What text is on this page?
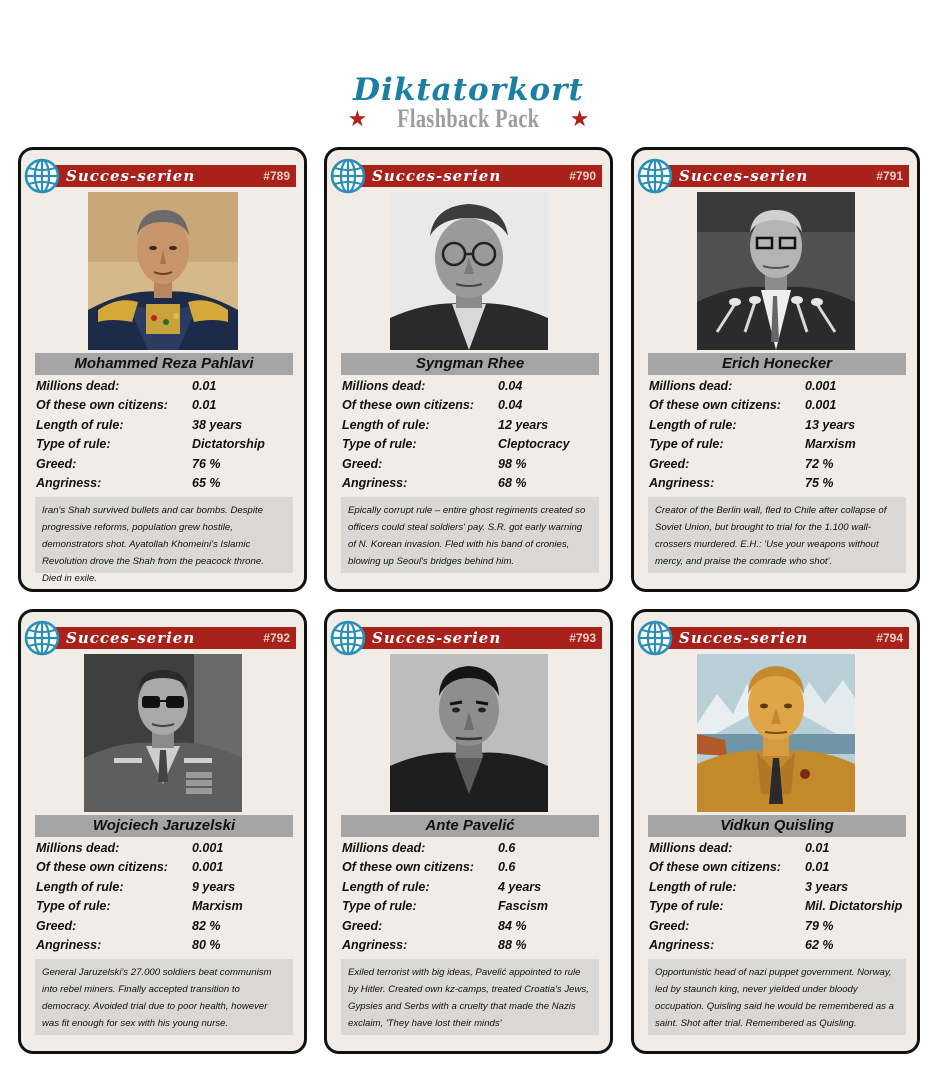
Diktatorkort
★ Flashback Pack ★
Succes-serien	#789
Mohammed Reza Pahlavi
Millions dead:	0.01
Of these own citizens: 0.01
Length of rule:	38 years
Type of rule:	Dictatorship
Greed:	76 %
Angriness:	65 %
Iran's Shah survived bullets and car bombs. Despite progressive reforms, population grew hostile, demonstrators shot. Ayatollah Khomeini's Islamic Revolution drove the Shah from the peacock throne. Died in exile.
Succes-serien	#790
Syngman Rhee
Millions dead:	0.04
Of these own citizens: 0.04
Length of rule:	12 years
Type of rule:	Cleptocracy
Greed:	98 %
Angriness:	68 %
Epically corrupt rule – entire ghost regiments created so officers could steal soldiers' pay. S.R. got early warning of N. Korean invasion. Fled with his band of cronies, blowing up Seoul's bridges behind him.
Succes-serien	#791
Erich Honecker
Millions dead:	0.001
Of these own citizens: 0.001
Length of rule:	13 years
Type of rule:	Marxism
Greed:	72 %
Angriness:	75 %
Creator of the Berlin wall, fled to Chile after collapse of Soviet Union, but brought to trial for the 1.100 wall-crossers murdered. E.H.: 'Use your weapons without mercy, and praise the comrade who shot'.
Succes-serien	#792
Wojciech Jaruzelski
Millions dead:	0.001
Of these own citizens: 0.001
Length of rule:	9 years
Type of rule:	Marxism
Greed:	82 %
Angriness:	80 %
General Jaruzelski's 27.000 soldiers beat communism into rebel miners. Finally accepted transition to democracy. Avoided trial due to poor health, however was fit enough for sex with his young nurse.
Succes-serien	#793
Ante Pavelić
Millions dead:	0.6
Of these own citizens: 0.6
Length of rule:	4 years
Type of rule:	Fascism
Greed:	84 %
Angriness:	88 %
Exiled terrorist with big ideas, Pavelić appointed to rule by Hitler. Created own kz-camps, treated Croatia's Jews, Gypsies and Serbs with a cruelty that made the Nazis exclaim, 'They have lost their minds'
Succes-serien	#794
Vidkun Quisling
Millions dead:	0.01
Of these own citizens: 0.01
Length of rule:	3 years
Type of rule:	Mil. Dictatorship
Greed:	79 %
Angriness:	62 %
Opportunistic head of nazi puppet government. Norway, led by staunch king, never yielded under bloody occupation. Quisling said he would be remembered as a saint. Shot after trial. Remembered as Quisling.
